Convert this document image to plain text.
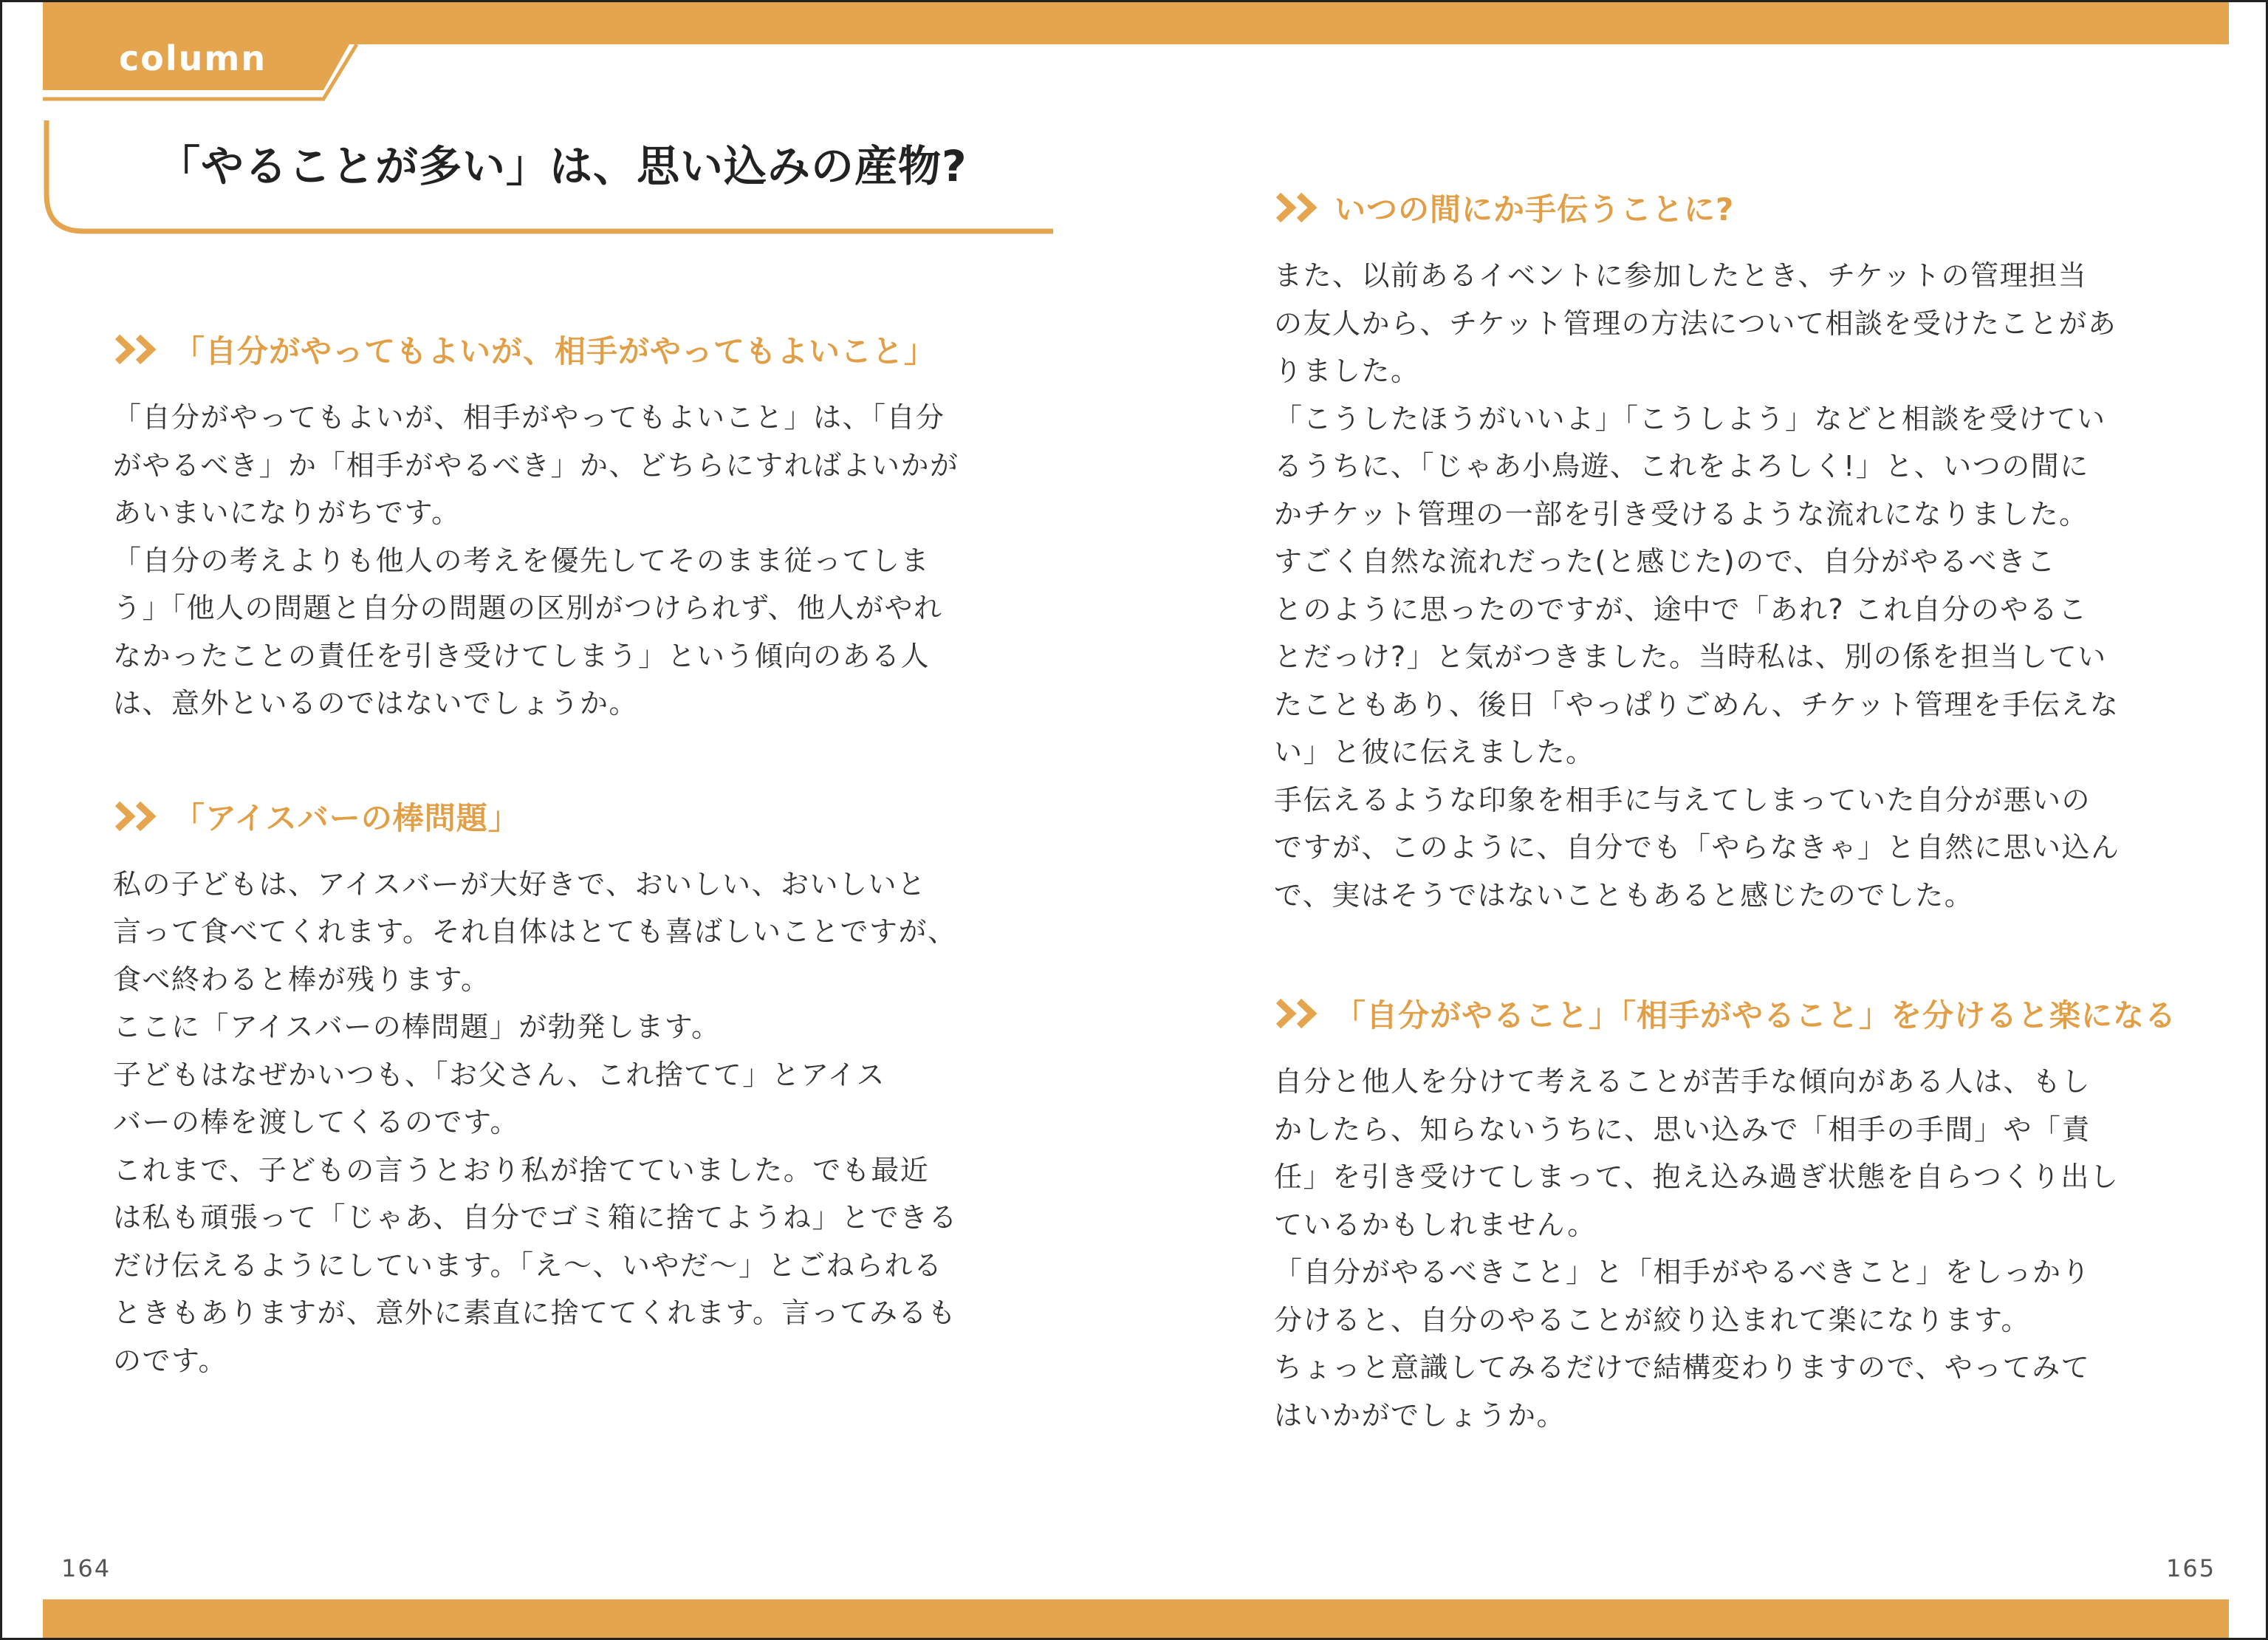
column
「やることが多い」は、思い込みの産物?
「自分がやってもよいが、相手がやってもよいこと」

「自分がやってもよいが、相手がやってもよいこと」は、「自分
がやるべき」か「相手がやるべき」か、どちらにすればよいかが
あいまいになりがちです。
「自分の考えよりも他人の考えを優先してそのまま従ってしま
う」「他人の問題と自分の問題の区別がつけられず、他人がやれ
なかったことの責任を引き受けてしまう」という傾向のある人
は、意外といるのではないでしょうか。

「アイスバーの棒問題」

私の子どもは、アイスバーが大好きで、おいしい、おいしいと
言って食べてくれます。それ自体はとても喜ばしいことですが、
食べ終わると棒が残ります。
ここに「アイスバーの棒問題」が勃発します。
子どもはなぜかいつも、「お父さん、これ捨てて」とアイス
バーの棒を渡してくるのです。
これまで、子どもの言うとおり私が捨てていました。でも最近
は私も頑張って「じゃあ、自分でゴミ箱に捨てようね」とできる
だけ伝えるようにしています。「え〜、いやだ〜」とごねられる
ときもありますが、意外に素直に捨ててくれます。言ってみるも
のです。

いつの間にか手伝うことに?

また、以前あるイベントに参加したとき、チケットの管理担当
の友人から、チケット管理の方法について相談を受けたことがあ
りました。
「こうしたほうがいいよ」「こうしよう」などと相談を受けてい
るうちに、「じゃあ小鳥遊、これをよろしく!」と、いつの間に
かチケット管理の一部を引き受けるような流れになりました。
すごく自然な流れだった(と感じた)ので、自分がやるべきこ
とのように思ったのですが、途中で「あれ? これ自分のやるこ
とだっけ?」と気がつきました。当時私は、別の係を担当してい
たこともあり、後日「やっぱりごめん、チケット管理を手伝えな
い」と彼に伝えました。
手伝えるような印象を相手に与えてしまっていた自分が悪いの
ですが、このように、自分でも「やらなきゃ」と自然に思い込ん
で、実はそうではないこともあると感じたのでした。

「自分がやること」「相手がやること」を分けると楽になる

自分と他人を分けて考えることが苦手な傾向がある人は、もし
かしたら、知らないうちに、思い込みで「相手の手間」や「責
任」を引き受けてしまって、抱え込み過ぎ状態を自らつくり出し
ているかもしれません。
「自分がやるべきこと」と「相手がやるべきこと」をしっかり
分けると、自分のやることが絞り込まれて楽になります。
ちょっと意識してみるだけで結構変わりますので、やってみて
はいかがでしょうか。

164	165
